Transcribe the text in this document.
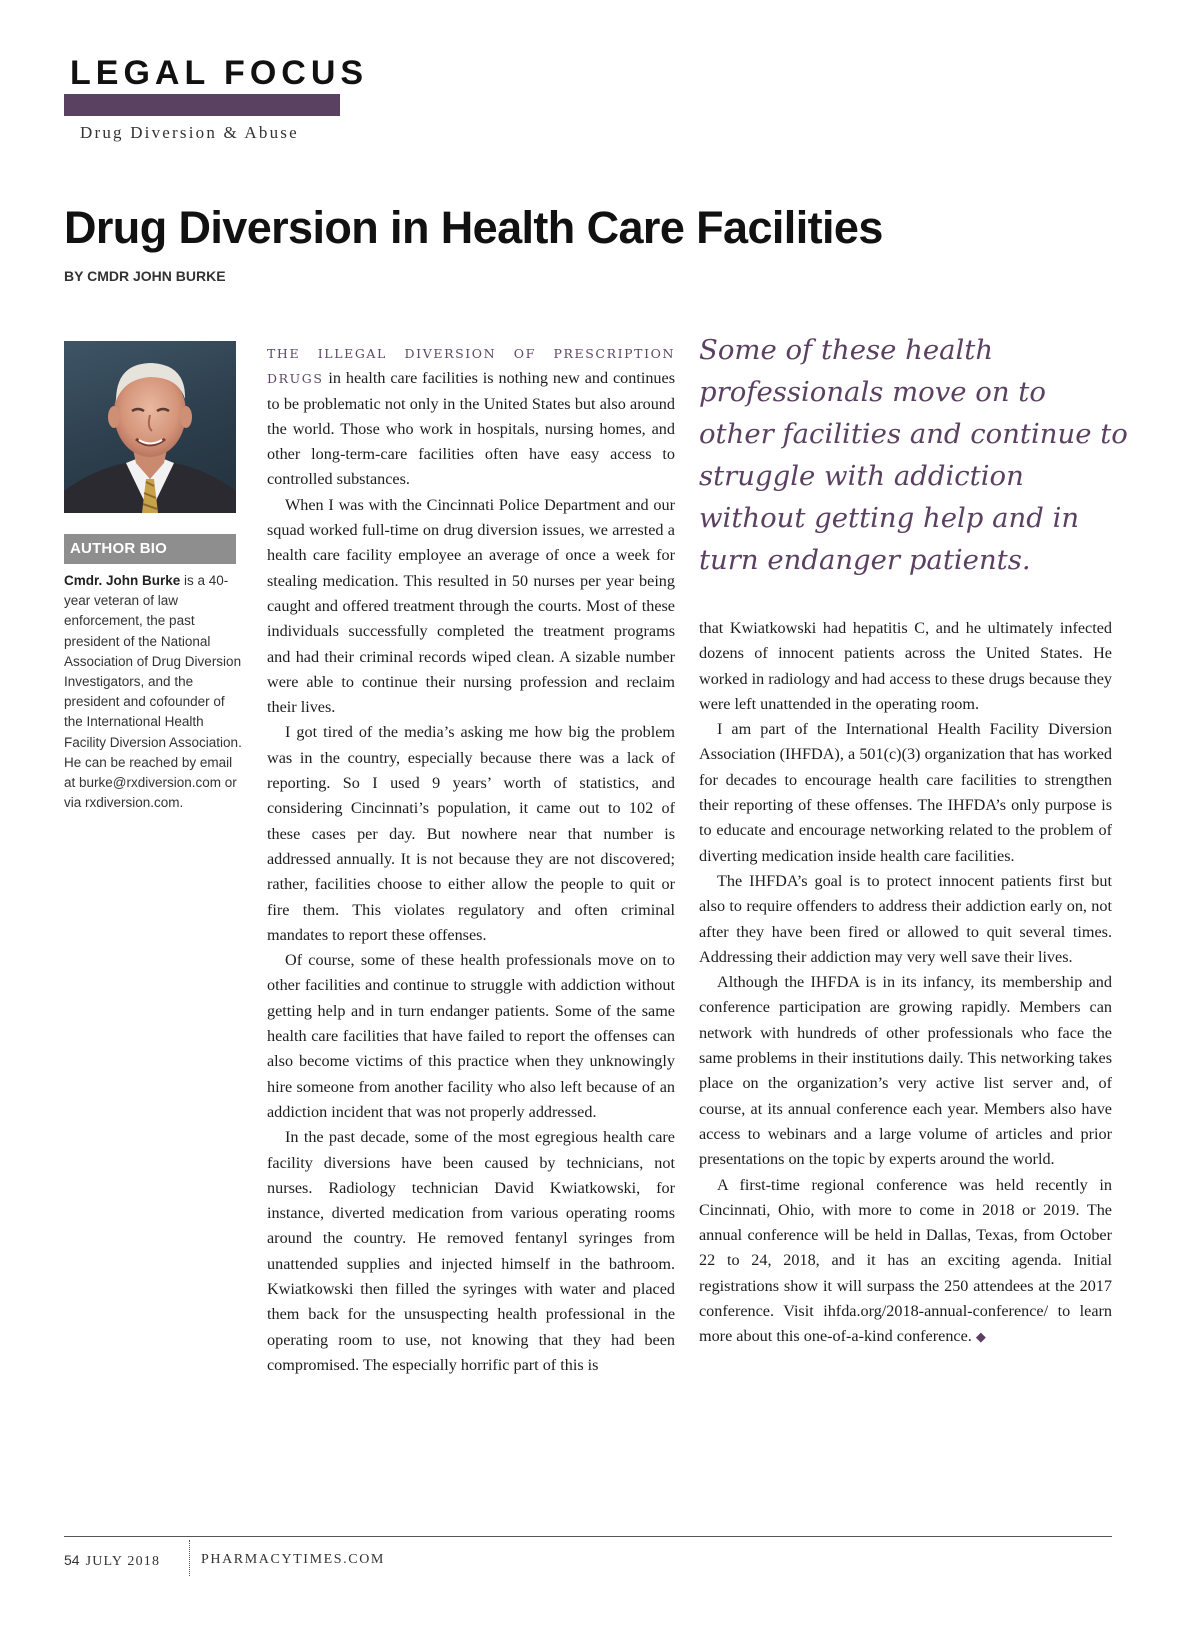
LEGAL FOCUS
Drug Diversion & Abuse
Drug Diversion in Health Care Facilities
BY CMDR JOHN BURKE
AUTHOR BIO
Cmdr. John Burke is a 40-year veteran of law enforcement, the past president of the National Association of Drug Diversion Investigators, and the president and cofounder of the International Health Facility Diversion Association. He can be reached by email at burke@rxdiversion.com or via rxdiversion.com.

THE ILLEGAL DIVERSION OF PRESCRIPTION DRUGS in health care facilities is nothing new and continues to be problematic not only in the United States but also around the world. Those who work in hospitals, nursing homes, and other long-term-care facilities often have easy access to controlled substances.

When I was with the Cincinnati Police Department and our squad worked full-time on drug diversion issues, we arrested a health care facility employee an average of once a week for stealing medication. This resulted in 50 nurses per year being caught and offered treatment through the courts. Most of these individuals successfully completed the treatment programs and had their criminal records wiped clean. A sizable number were able to continue their nursing profession and reclaim their lives.

I got tired of the media’s asking me how big the problem was in the country, especially because there was a lack of reporting. So I used 9 years’ worth of statistics, and considering Cincinnati’s population, it came out to 102 of these cases per day. But nowhere near that number is addressed annually. It is not because they are not discovered; rather, facilities choose to either allow the people to quit or fire them. This violates regulatory and often criminal mandates to report these offenses.

Of course, some of these health professionals move on to other facilities and continue to struggle with addiction without getting help and in turn endanger patients. Some of the same health care facilities that have failed to report the offenses can also become victims of this practice when they unknowingly hire someone from another facility who also left because of an addiction incident that was not properly addressed.

In the past decade, some of the most egregious health care facility diversions have been caused by technicians, not nurses. Radiology technician David Kwiatkowski, for instance, diverted medication from various operating rooms around the country. He removed fentanyl syringes from unattended supplies and injected himself in the bathroom. Kwiatkowski then filled the syringes with water and placed them back for the unsuspecting health professional in the operating room to use, not knowing that they had been compromised. The especially horrific part of this is

Some of these health professionals move on to other facilities and continue to struggle with addiction without getting help and in turn endanger patients.

that Kwiatkowski had hepatitis C, and he ultimately infected dozens of innocent patients across the United States. He worked in radiology and had access to these drugs because they were left unattended in the operating room.

I am part of the International Health Facility Diversion Association (IHFDA), a 501(c)(3) organization that has worked for decades to encourage health care facilities to strengthen their reporting of these offenses. The IHFDA’s only purpose is to educate and encourage networking related to the problem of diverting medication inside health care facilities.

The IHFDA’s goal is to protect innocent patients first but also to require offenders to address their addiction early on, not after they have been fired or allowed to quit several times. Addressing their addiction may very well save their lives.

Although the IHFDA is in its infancy, its membership and conference participation are growing rapidly. Members can network with hundreds of other professionals who face the same problems in their institutions daily. This networking takes place on the organization’s very active list server and, of course, at its annual conference each year. Members also have access to webinars and a large volume of articles and prior presentations on the topic by experts around the world.

A first-time regional conference was held recently in Cincinnati, Ohio, with more to come in 2018 or 2019. The annual conference will be held in Dallas, Texas, from October 22 to 24, 2018, and it has an exciting agenda. Initial registrations show it will surpass the 250 attendees at the 2017 conference. Visit ihfda.org/2018-annual-conference/ to learn more about this one-of-a-kind conference. ◆

54 JULY 2018	PHARMACYTIMES.COM
